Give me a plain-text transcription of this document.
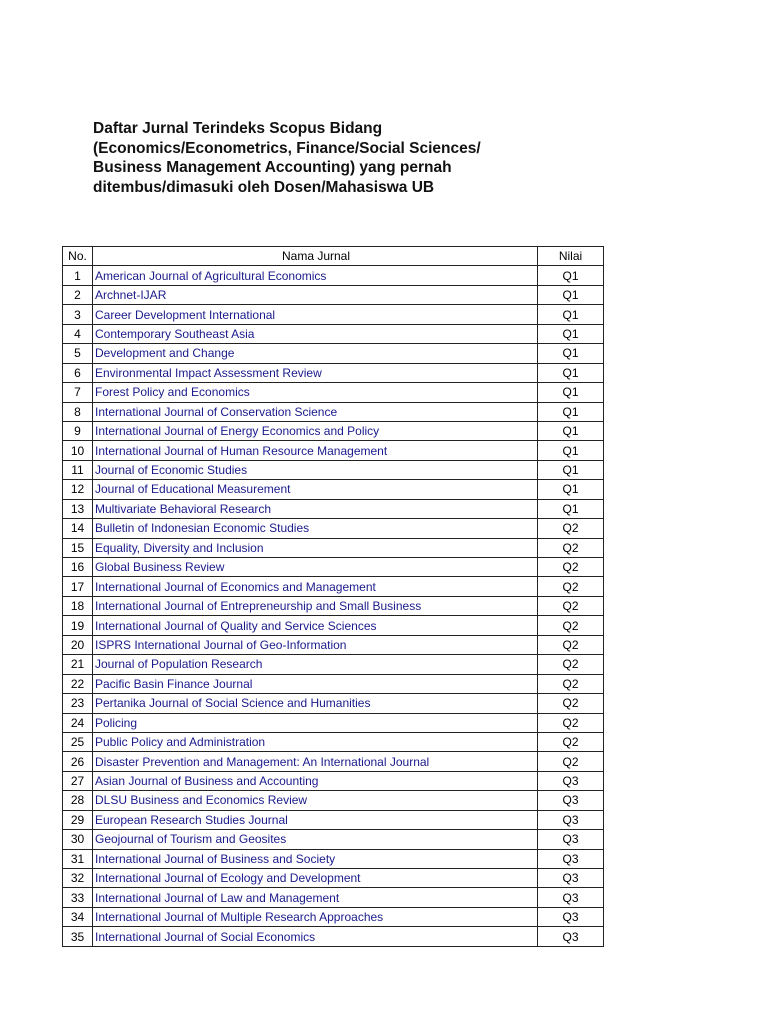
Daftar Jurnal Terindeks Scopus Bidang
(Economics/Econometrics, Finance/Social Sciences/
Business Management Accounting) yang pernah
ditembus/dimasuki oleh Dosen/Mahasiswa UB
No.	Nama Jurnal	Nilai
1	American Journal of Agricultural Economics	Q1
2	Archnet-IJAR	Q1
3	Career Development International	Q1
4	Contemporary Southeast Asia	Q1
5	Development and Change	Q1
6	Environmental Impact Assessment Review	Q1
7	Forest Policy and Economics	Q1
8	International Journal of Conservation Science	Q1
9	International Journal of Energy Economics and Policy	Q1
10	International Journal of Human Resource Management	Q1
11	Journal of Economic Studies	Q1
12	Journal of Educational Measurement	Q1
13	Multivariate Behavioral Research	Q1
14	Bulletin of Indonesian Economic Studies	Q2
15	Equality, Diversity and Inclusion	Q2
16	Global Business Review	Q2
17	International Journal of Economics and Management	Q2
18	International Journal of Entrepreneurship and Small Business	Q2
19	International Journal of Quality and Service Sciences	Q2
20	ISPRS International Journal of Geo-Information	Q2
21	Journal of Population Research	Q2
22	Pacific Basin Finance Journal	Q2
23	Pertanika Journal of Social Science and Humanities	Q2
24	Policing	Q2
25	Public Policy and Administration	Q2
26	Disaster Prevention and Management: An International Journal	Q2
27	Asian Journal of Business and Accounting	Q3
28	DLSU Business and Economics Review	Q3
29	European Research Studies Journal	Q3
30	Geojournal of Tourism and Geosites	Q3
31	International Journal of Business and Society	Q3
32	International Journal of Ecology and Development	Q3
33	International Journal of Law and Management	Q3
34	International Journal of Multiple Research Approaches	Q3
35	International Journal of Social Economics	Q3
